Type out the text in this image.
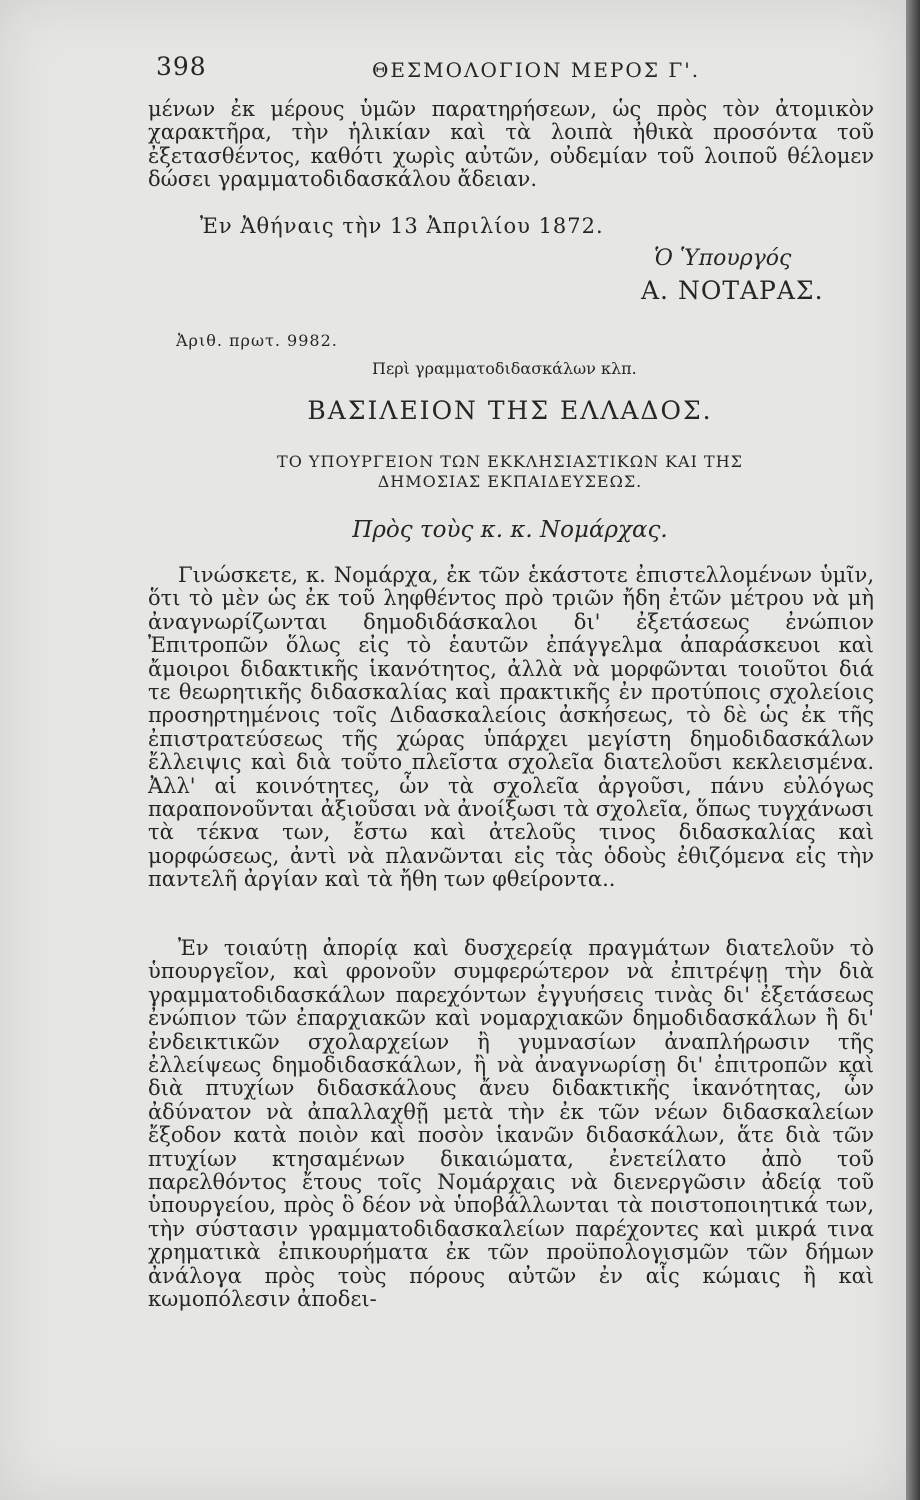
398	ΘΕΣΜΟΛΟΓΙΟΝ ΜΕΡΟΣ Γ'.

μένων ἐκ μέρους ὑμῶν παρατηρήσεων, ὡς πρὸς τὸν ἀτομικὸν χαρακτῆρα, τὴν ἡλικίαν καὶ τὰ λοιπὰ ἠθικὰ προσόντα τοῦ ἐξετασθέντος, καθότι χωρὶς αὐτῶν, οὐδεμίαν τοῦ λοιποῦ θέλομεν δώσει γραμματοδιδασκάλου ἄδειαν.

Ἐν Ἀθήναις τὴν 13 Ἀπριλίου 1872.
Ὁ Ὑπουργός
Α. ΝΟΤΑΡΑΣ.
Ἀριθ. πρωτ. 9982.
Περὶ γραμματοδιδασκάλων κλπ.
ΒΑΣΙΛΕΙΟΝ ΤΗΣ ΕΛΛΑΔΟΣ.

ΤΟ ΥΠΟΥΡΓΕΙΟΝ ΤΩΝ ΕΚΚΛΗΣΙΑΣΤΙΚΩΝ ΚΑΙ ΤΗΣ
ΔΗΜΟΣΙΑΣ ΕΚΠΑΙΔΕΥΣΕΩΣ.

Πρὸς τοὺς κ. κ. Νομάρχας.

Γινώσκετε, κ. Νομάρχα, ἐκ τῶν ἑκάστοτε ἐπιστελλομένων ὑμῖν, ὅτι τὸ μὲν ὡς ἐκ τοῦ ληφθέντος πρὸ τριῶν ἤδη ἐτῶν μέτρου νὰ μὴ ἀναγνωρίζωνται δημοδιδάσκαλοι δι' ἐξετάσεως ἐνώπιον Ἐπιτροπῶν ὅλως εἰς τὸ ἑαυτῶν ἐπάγγελμα ἀπαράσκευοι καὶ ἄμοιροι διδακτικῆς ἱκανότητος, ἀλλὰ νὰ μορφῶνται τοιοῦτοι διά τε θεωρητικῆς διδασκαλίας καὶ πρακτικῆς ἐν προτύποις σχολείοις προσηρτημένοις τοῖς Διδασκαλείοις ἀσκήσεως, τὸ δὲ ὡς ἐκ τῆς ἐπιστρατεύσεως τῆς χώρας ὑπάρχει μεγίστη δημοδιδασκάλων ἔλλειψις καὶ διὰ τοῦτο πλεῖστα σχολεῖα διατελοῦσι κεκλεισμένα. Ἀλλ' αἱ κοινότητες, ὧν τὰ σχολεῖα ἀργοῦσι, πάνυ εὐλόγως παραπονοῦνται ἀξιοῦσαι νὰ ἀνοίξωσι τὰ σχολεῖα, ὅπως τυγχάνωσι τὰ τέκνα των, ἔστω καὶ ἀτελοῦς τινος διδασκαλίας καὶ μορφώσεως, ἀντὶ νὰ πλανῶνται εἰς τὰς ὁδοὺς ἐθιζόμενα εἰς τὴν παντελῆ ἀργίαν καὶ τὰ ἤθη των φθείροντα..

Ἐν τοιαύτῃ ἀπορίᾳ καὶ δυσχερείᾳ πραγμάτων διατελοῦν τὸ ὑπουργεῖον, καὶ φρονοῦν συμφερώτερον νὰ ἐπιτρέψῃ τὴν διὰ γραμματοδιδασκάλων παρεχόντων ἐγγυήσεις τινὰς δι' ἐξετάσεως ἐνώπιον τῶν ἐπαρχιακῶν καὶ νομαρχιακῶν δημοδιδασκάλων ἢ δι' ἐνδεικτικῶν σχολαρχείων ἢ γυμνασίων ἀναπλήρωσιν τῆς ἐλλείψεως δημοδιδασκάλων, ἢ νὰ ἀναγνωρίσῃ δι' ἐπιτροπῶν καὶ διὰ πτυχίων διδασκάλους ἄνευ διδακτικῆς ἱκανότητας, ὧν ἀδύνατον νὰ ἀπαλλαχθῇ μετὰ τὴν ἐκ τῶν νέων διδασκαλείων ἔξοδον κατὰ ποιὸν καὶ ποσὸν ἱκανῶν διδασκάλων, ἅτε διὰ τῶν πτυχίων κτησαμένων δικαιώματα, ἐνετείλατο ἀπὸ τοῦ παρελθόντος ἔτους τοῖς Νομάρχαις νὰ διενεργῶσιν ἀδείᾳ τοῦ ὑπουργείου, πρὸς ὃ δέον νὰ ὑποβάλλωνται τὰ ποιστοποιητικά των, τὴν σύστασιν γραμματοδιδασκαλείων παρέχοντες καὶ μικρά τινα χρηματικὰ ἐπικουρήματα ἐκ τῶν προϋπολογισμῶν τῶν δήμων ἀνάλογα πρὸς τοὺς πόρους αὐτῶν ἐν αἷς κώμαις ἢ καὶ κωμοπόλεσιν ἀποδει-
